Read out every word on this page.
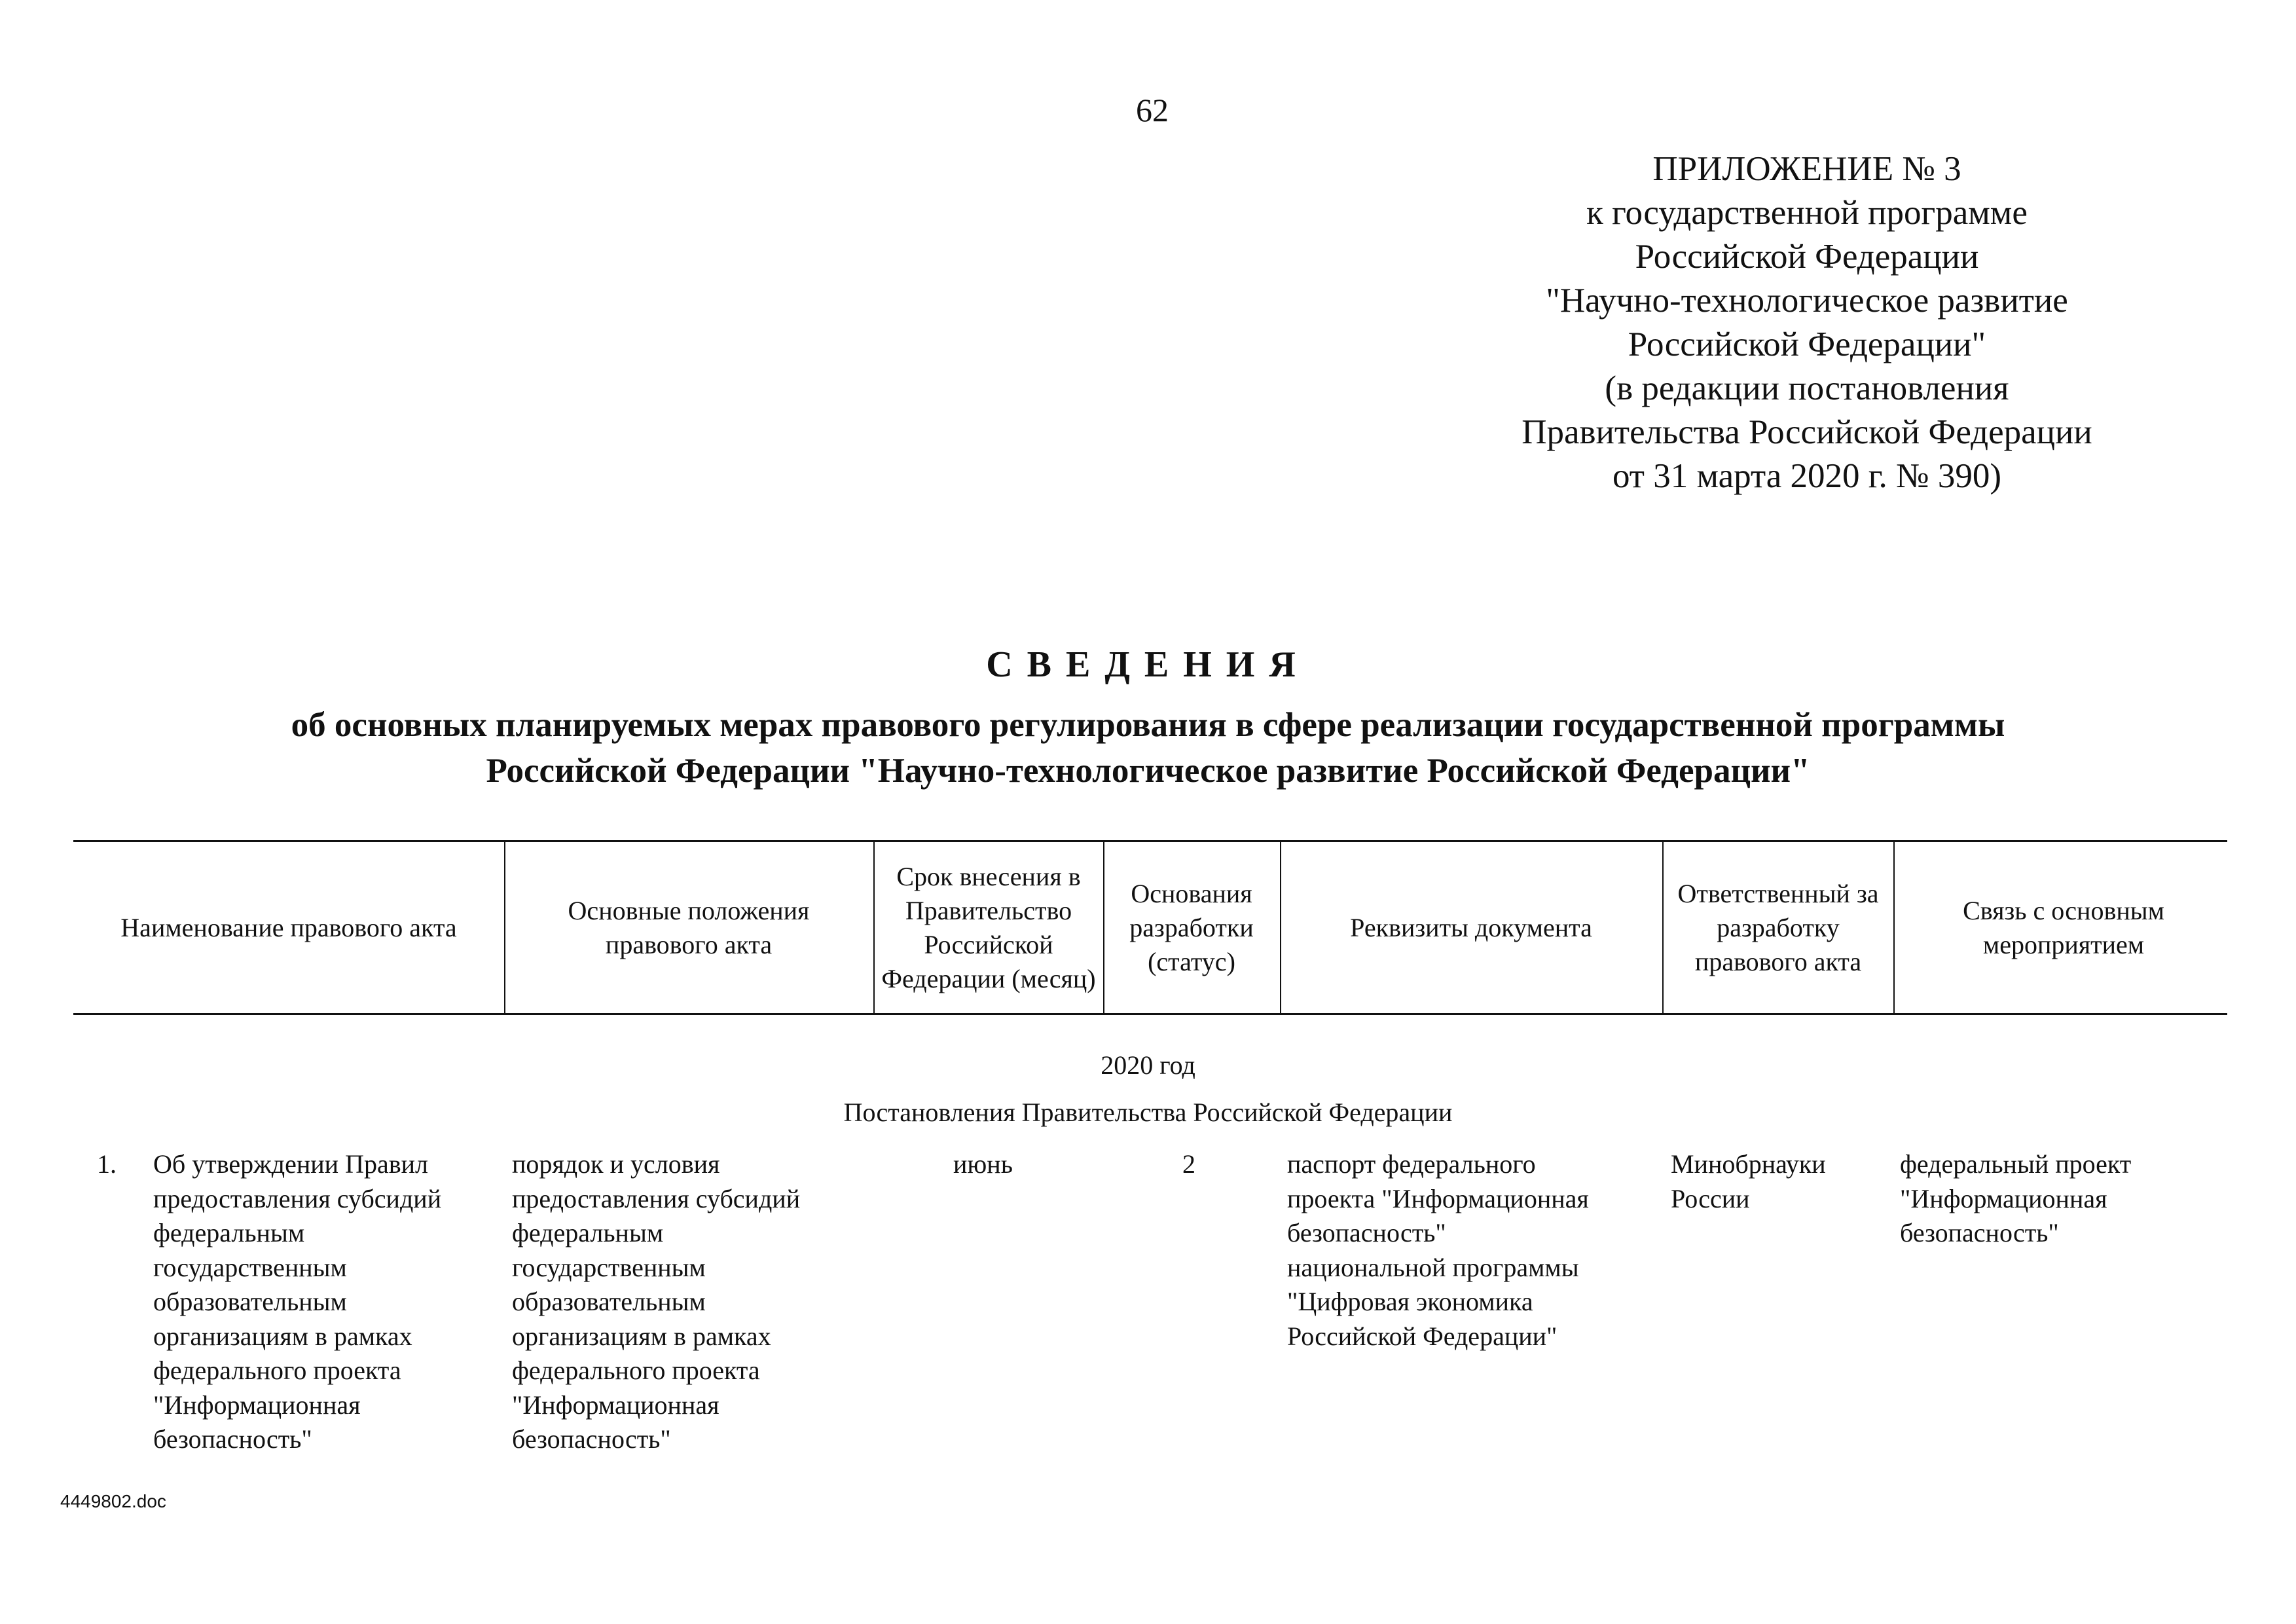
62
ПРИЛОЖЕНИЕ № 3
к государственной программе
Российской Федерации
"Научно-технологическое развитие
Российской Федерации"
(в редакции постановления
Правительства Российской Федерации
от 31 марта 2020 г. № 390)
СВЕДЕНИЯ
об основных планируемых мерах правового регулирования в сфере реализации государственной программы
Российской Федерации "Научно-технологическое развитие Российской Федерации"
Наименование правового акта
Основные положения правового акта
Срок внесения в Правительство Российской Федерации (месяц)
Основания разработки (статус)
Реквизиты документа
Ответственный за разработку правового акта
Связь с основным мероприятием
2020 год
Постановления Правительства Российской Федерации
1. Об утверждении Правил
предоставления субсидий
федеральным
государственным
образовательным
организациям в рамках
федерального проекта
"Информационная
безопасность"
порядок и условия
предоставления субсидий
федеральным
государственным
образовательным
организациям в рамках
федерального проекта
"Информационная
безопасность"
июнь	2	паспорт федерального
проекта "Информационная
безопасность"
национальной программы
"Цифровая экономика
Российской Федерации"
Минобрнауки
России
федеральный проект
"Информационная
безопасность"
4449802.doc
